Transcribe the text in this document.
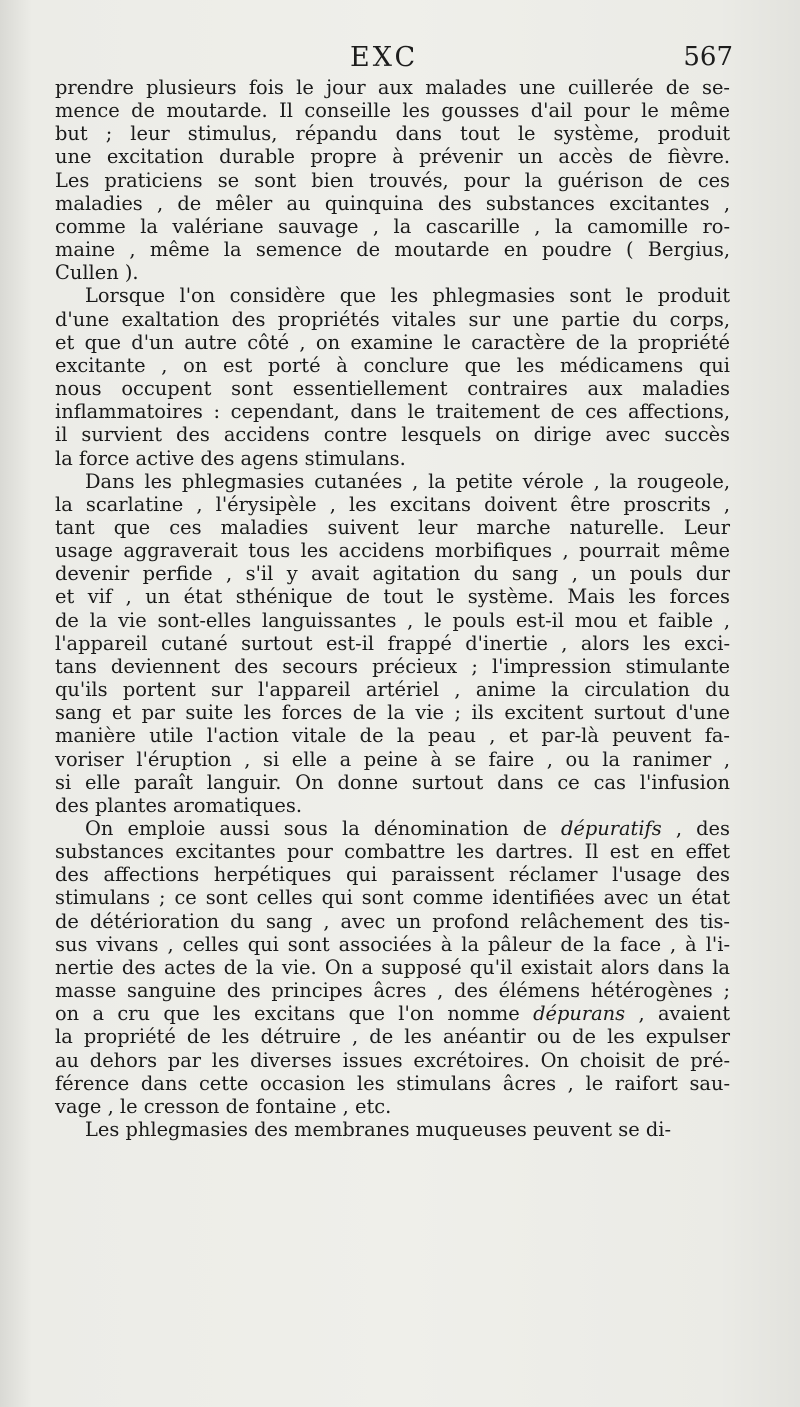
EXC	567

prendre plusieurs fois le jour aux malades une cuillerée de se-
mence de moutarde. Il conseille les gousses d'ail pour le même
but ; leur stimulus, répandu dans tout le système, produit
une excitation durable propre à prévenir un accès de fièvre.
Les praticiens se sont bien trouvés, pour la guérison de ces
maladies , de mêler au quinquina des substances excitantes ,
comme la valériane sauvage , la cascarille , la camomille ro-
maine , même la semence de moutarde en poudre ( Bergius,
Cullen ).

Lorsque l'on considère que les phlegmasies sont le produit
d'une exaltation des propriétés vitales sur une partie du corps,
et que d'un autre côté , on examine le caractère de la propriété
excitante , on est porté à conclure que les médicamens qui
nous occupent sont essentiellement contraires aux maladies
inflammatoires : cependant, dans le traitement de ces affections,
il survient des accidens contre lesquels on dirige avec succès
la force active des agens stimulans.

Dans les phlegmasies cutanées , la petite vérole , la rougeole,
la scarlatine , l'érysipèle , les excitans doivent être proscrits ,
tant que ces maladies suivent leur marche naturelle. Leur
usage aggraverait tous les accidens morbifiques , pourrait même
devenir perfide , s'il y avait agitation du sang , un pouls dur
et vif , un état sthénique de tout le système. Mais les forces
de la vie sont-elles languissantes , le pouls est-il mou et faible ,
l'appareil cutané surtout est-il frappé d'inertie , alors les exci-
tans deviennent des secours précieux ; l'impression stimulante
qu'ils portent sur l'appareil artériel , anime la circulation du
sang et par suite les forces de la vie ; ils excitent surtout d'une
manière utile l'action vitale de la peau , et par-là peuvent fa-
voriser l'éruption , si elle a peine à se faire , ou la ranimer ,
si elle paraît languir. On donne surtout dans ce cas l'infusion
des plantes aromatiques.

On emploie aussi sous la dénomination de dépuratifs , des
substances excitantes pour combattre les dartres. Il est en effet
des affections herpétiques qui paraissent réclamer l'usage des
stimulans ; ce sont celles qui sont comme identifiées avec un état
de détérioration du sang , avec un profond relâchement des tis-
sus vivans , celles qui sont associées à la pâleur de la face , à l'i-
nertie des actes de la vie. On a supposé qu'il existait alors dans la
masse sanguine des principes âcres , des élémens hétérogènes ;
on a cru que les excitans que l'on nomme dépurans , avaient
la propriété de les détruire , de les anéantir ou de les expulser
au dehors par les diverses issues excrétoires. On choisit de pré-
férence dans cette occasion les stimulans âcres , le raifort sau-
vage , le cresson de fontaine , etc.

Les phlegmasies des membranes muqueuses peuvent se di-
